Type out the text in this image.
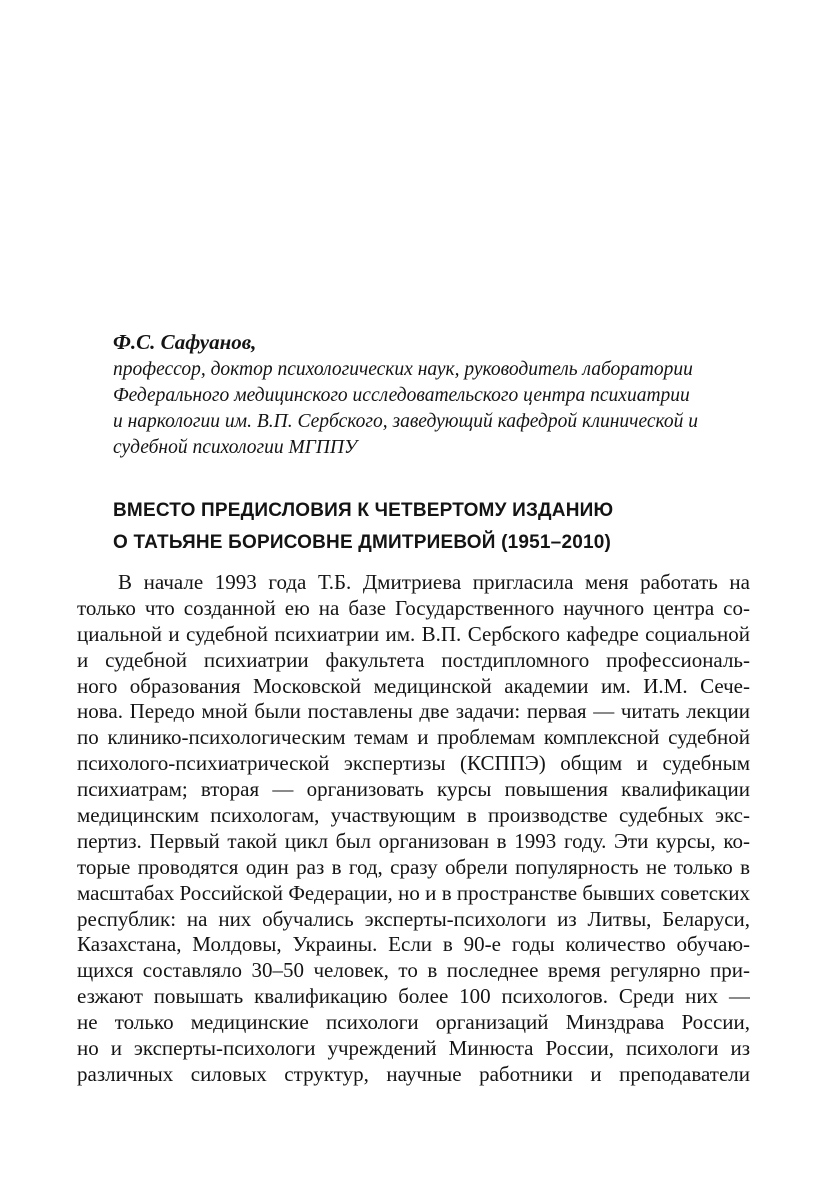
Ф.С. Сафуанов,

профессор, доктор психологических наук, руководитель лаборатории
Федерального медицинского исследовательского центра психиатрии
и наркологии им. В.П. Сербского, заведующий кафедрой клинической и
судебной психологии МГППУ

ВМЕСТО ПРЕДИСЛОВИЯ К ЧЕТВЕРТОМУ ИЗДАНИЮ
О ТАТЬЯНЕ БОРИСОВНЕ ДМИТРИЕВОЙ (1951–2010)
В начале 1993 года Т.Б. Дмитриева пригласила меня работать на
только что созданной ею на базе Государственного научного центра со-
циальной и судебной психиатрии им. В.П. Сербского кафедре социальной
и судебной психиатрии факультета постдипломного профессиональ-
ного образования Московской медицинской академии им. И.М. Сече-
нова. Передо мной были поставлены две задачи: первая — читать лекции
по клинико-психологическим темам и проблемам комплексной судебной
психолого-психиатрической экспертизы (КСППЭ) общим и судебным
психиатрам; вторая — организовать курсы повышения квалификации
медицинским психологам, участвующим в производстве судебных экс-
пертиз. Первый такой цикл был организован в 1993 году. Эти курсы, ко-
торые проводятся один раз в год, сразу обрели популярность не только в
масштабах Российской Федерации, но и в пространстве бывших советских
республик: на них обучались эксперты-психологи из Литвы, Беларуси,
Казахстана, Молдовы, Украины. Если в 90-е годы количество обучаю-
щихся составляло 30–50 человек, то в последнее время регулярно при-
езжают повышать квалификацию более 100 психологов. Среди них —
не только медицинские психологи организаций Минздрава России,
но и эксперты-психологи учреждений Минюста России, психологи из
различных силовых структур, научные работники и преподаватели
